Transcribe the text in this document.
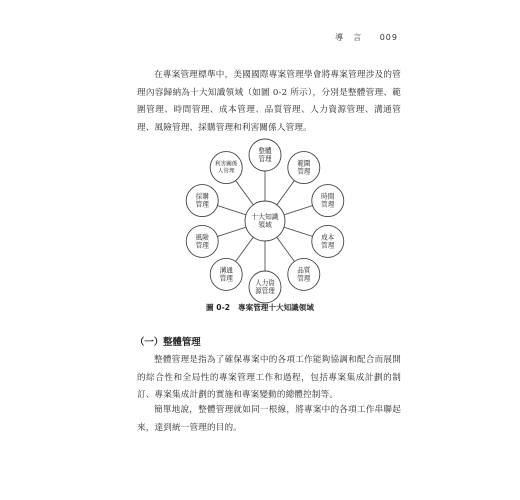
導　言 009

在專案管理標準中，美國國際專案管理學會將專案管理涉及的管理內容歸納為十大知識領域（如圖 0-2 所示），分別是整體管理、範圍管理、時間管理、成本管理、品質管理、人力資源管理、溝通管理、風險管理、採購管理和利害關係人管理。

整體
管理
範圍
管理
時間
管理
成本
管理
品質
管理
人力資
源管理
溝通
管理
風險
管理
採購
管理
利害關係
人管理
十大知識
領域
圖 0-2 專案管理十大知識領域
（一）整體管理

整體管理是指為了確保專案中的各項工作能夠協調和配合而展開的綜合性和全局性的專案管理工作和過程，包括專案集成計劃的制訂、專案集成計劃的實施和專案變動的總體控制等。

簡單地說，整體管理就如同一根線，將專案中的各項工作串聯起來，達到統一管理的目的。
